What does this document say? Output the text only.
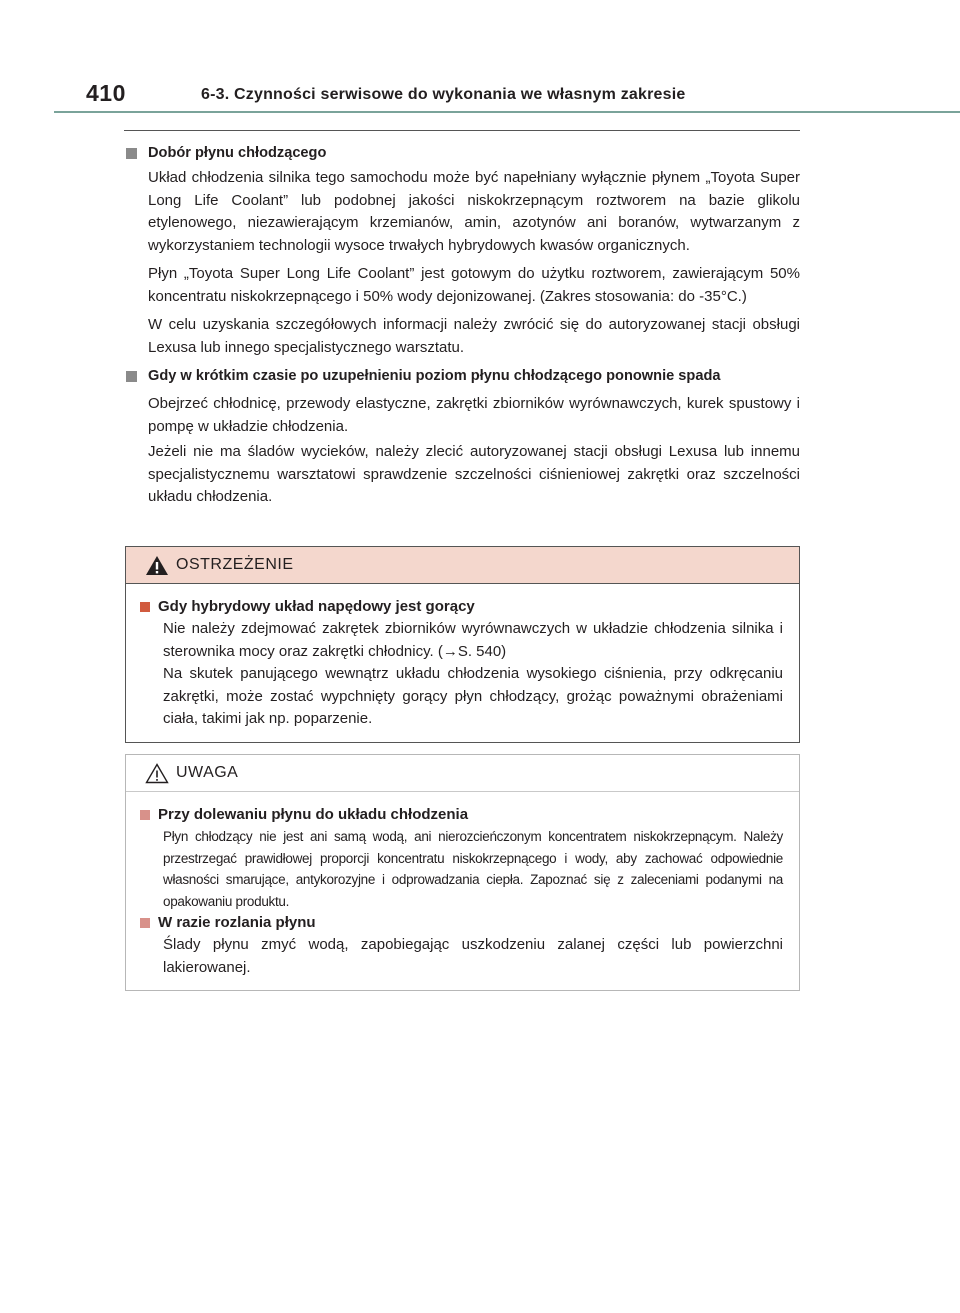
410	6-3. Czynności serwisowe do wykonania we własnym zakresie
Dobór płynu chłodzącego
Układ chłodzenia silnika tego samochodu może być napełniany wyłącznie płynem „Toyota Super Long Life Coolant” lub podobnej jakości niskokrzepnącym roztworem na bazie glikolu etylenowego, niezawierającym krzemianów, amin, azotynów ani boranów, wytwarzanym z wykorzystaniem technologii wysoce trwałych hybrydowych kwasów organicznych.
Płyn „Toyota Super Long Life Coolant” jest gotowym do użytku roztworem, zawierającym 50% koncentratu niskokrzepnącego i 50% wody dejonizowanej. (Zakres stosowania: do -35°C.)
W celu uzyskania szczegółowych informacji należy zwrócić się do autoryzowanej stacji obsługi Lexusa lub innego specjalistycznego warsztatu.
Gdy w krótkim czasie po uzupełnieniu poziom płynu chłodzącego ponownie spada
Obejrzeć chłodnicę, przewody elastyczne, zakrętki zbiorników wyrównawczych, kurek spustowy i pompę w układzie chłodzenia.
Jeżeli nie ma śladów wycieków, należy zlecić autoryzowanej stacji obsługi Lexusa lub innemu specjalistycznemu warsztatowi sprawdzenie szczelności ciśnieniowej zakrętki oraz szczelności układu chłodzenia.
OSTRZEŻENIE
Gdy hybrydowy układ napędowy jest gorący
Nie należy zdejmować zakrętek zbiorników wyrównawczych w układzie chłodzenia silnika i sterownika mocy oraz zakrętki chłodnicy. (→S. 540)
Na skutek panującego wewnątrz układu chłodzenia wysokiego ciśnienia, przy odkręcaniu zakrętki, może zostać wypchnięty gorący płyn chłodzący, grożąc poważnymi obrażeniami ciała, takimi jak np. poparzenie.
UWAGA
Przy dolewaniu płynu do układu chłodzenia
Płyn chłodzący nie jest ani samą wodą, ani nierozcieńczonym koncentratem niskokrzepnącym. Należy przestrzegać prawidłowej proporcji koncentratu niskokrzepnącego i wody, aby zachować odpowiednie własności smarujące, antykorozyjne i odprowadzania ciepła. Zapoznać się z zaleceniami podanymi na opakowaniu produktu.
W razie rozlania płynu
Ślady płynu zmyć wodą, zapobiegając uszkodzeniu zalanej części lub powierzchni lakierowanej.
